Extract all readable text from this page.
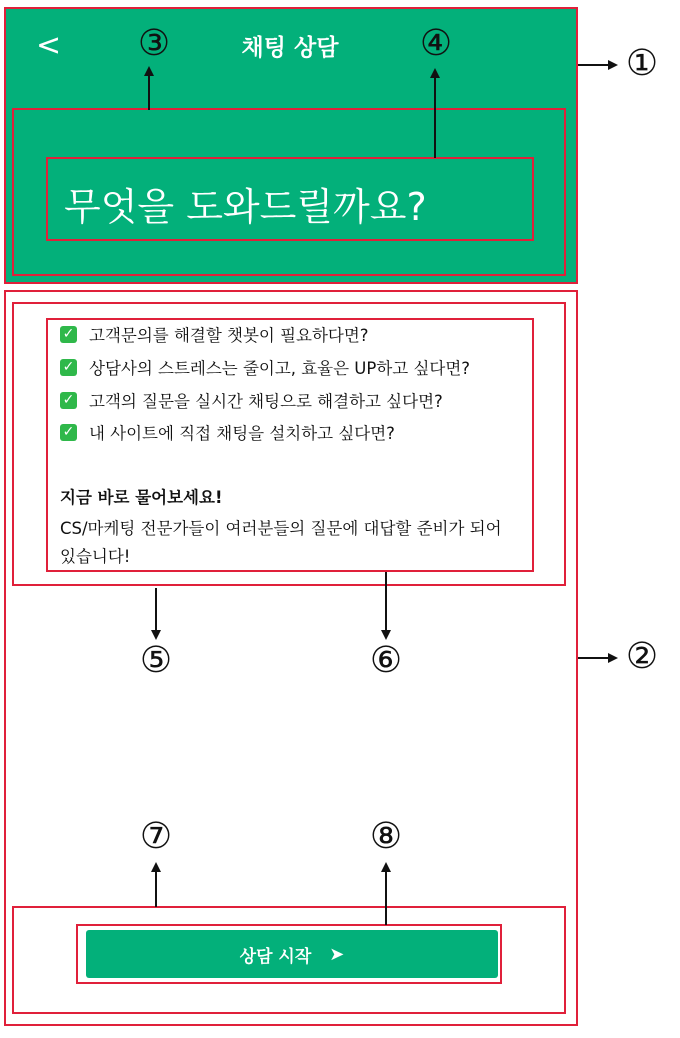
<	채팅 상담
무엇을 도와드릴까요?
③	④	①
②
✓ 고객문의를 해결할 챗봇이 필요하다면?
✓ 상담사의 스트레스는 줄이고, 효율은 UP하고 싶다면?
✓ 고객의 질문을 실시간 채팅으로 해결하고 싶다면?
✓ 내 사이트에 직접 채팅을 설치하고 싶다면?
지금 바로 물어보세요!
CS/마케팅 전문가들이 여러분들의 질문에 대답할 준비가 되어
있습니다!
⑤	⑥
⑦	⑧
상담 시작 ➤
